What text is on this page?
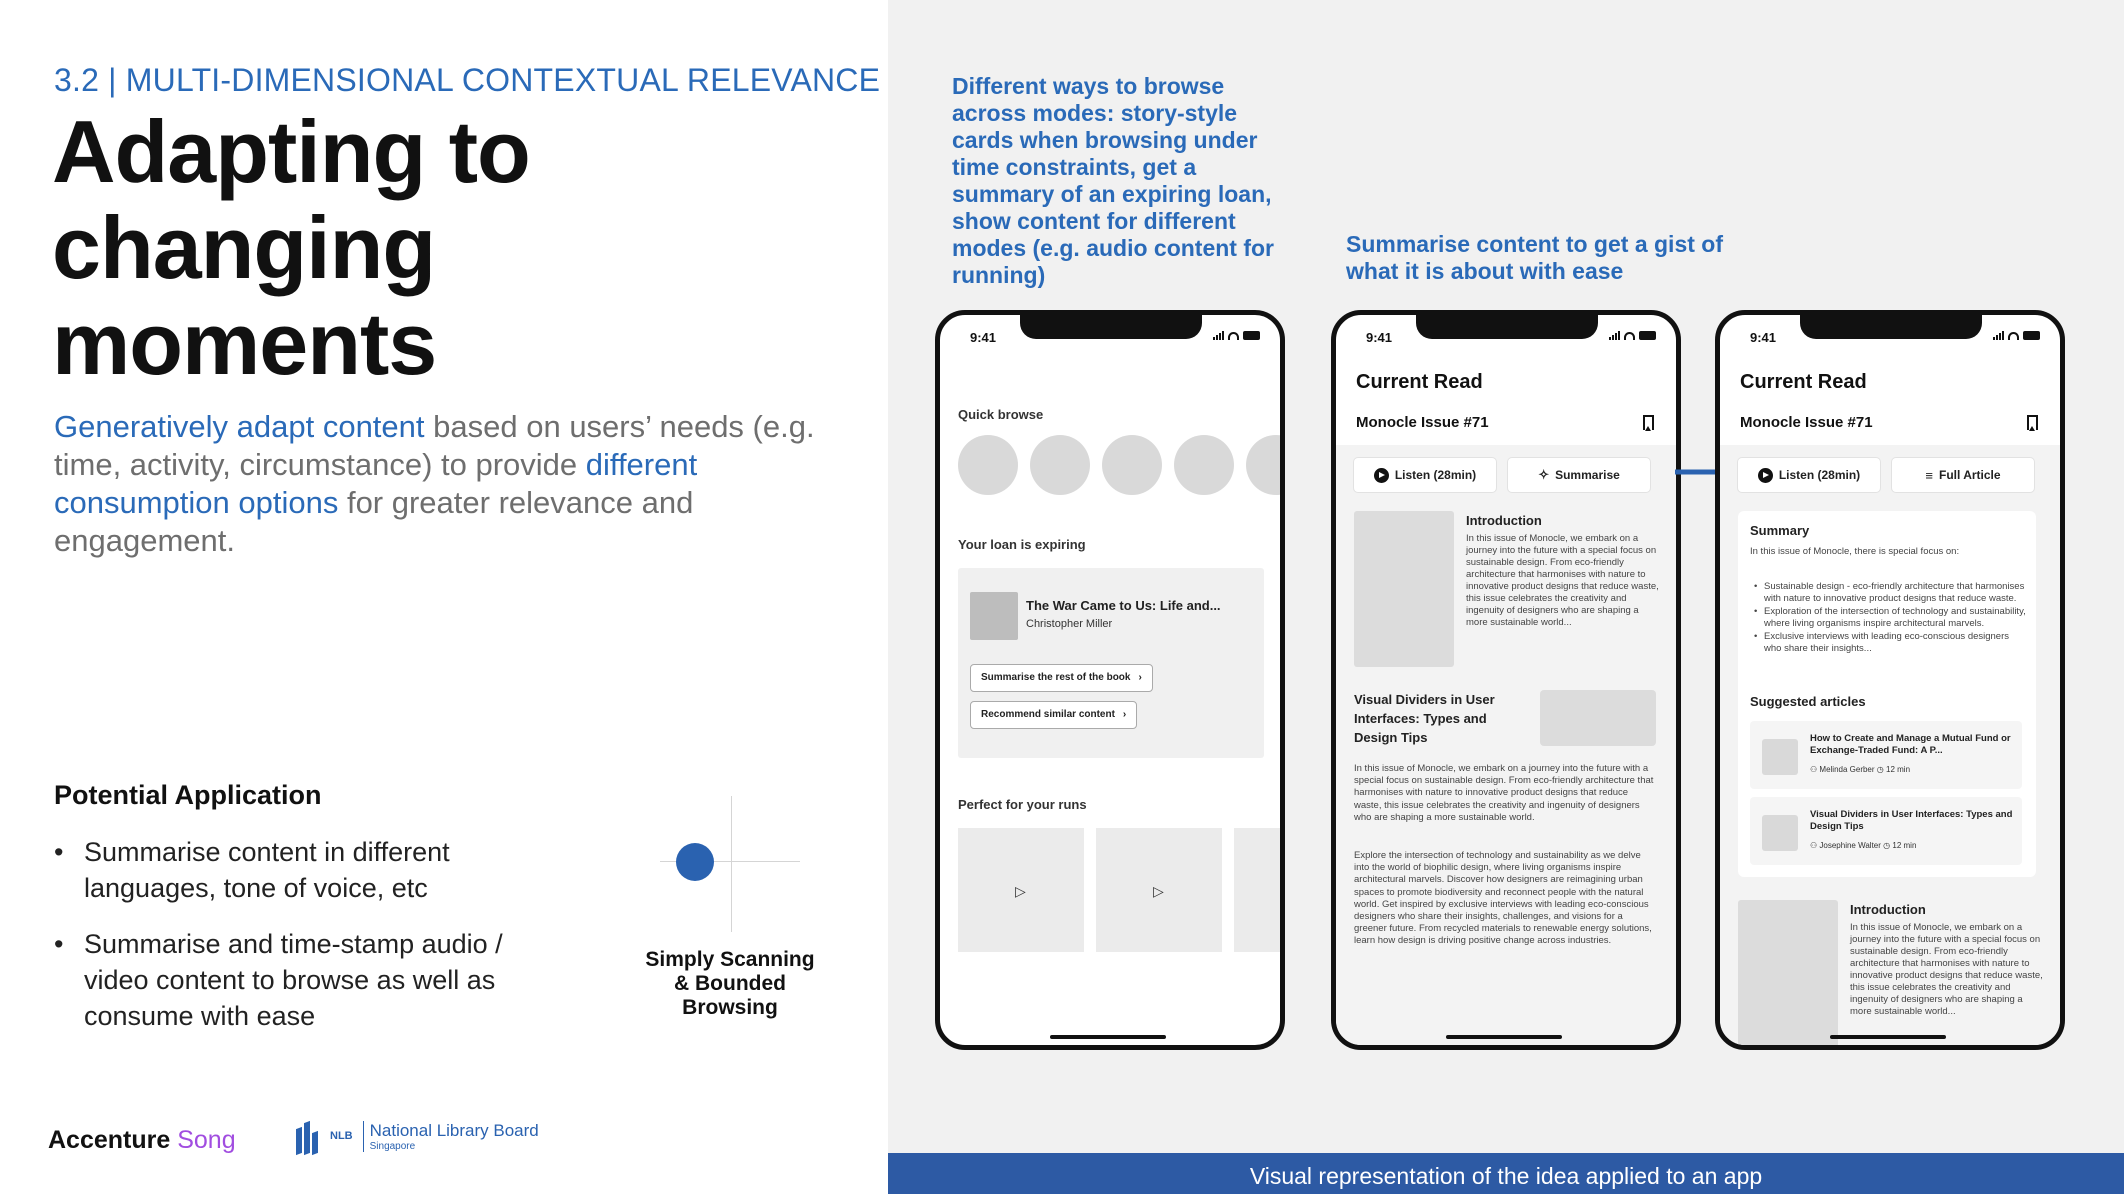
3.2 | MULTI-DIMENSIONAL CONTEXTUAL RELEVANCE
Adapting to
changing
moments

Generatively adapt content based on users’ needs (e.g. time, activity, circumstance) to provide different consumption options for greater relevance and engagement.

Potential Application
• Summarise content in different languages, tone of voice, etc
• Summarise and time-stamp audio / video content to browse as well as consume with ease
Simply Scanning & Bounded Browsing
Accenture Song	NLB National Library Board
Singapore
Different ways to browse across modes: story-style cards when browsing under time constraints, get a summary of an expiring loan, show content for different modes (e.g. audio content for running)
Summarise content to get a gist of what it is about with ease
9:41
Quick browse
Your loan is expiring
The War Came to Us: Life and...
Christopher Miller
Summarise the rest of the book ›
Recommend similar content ›
Perfect for your runs
▷	▷
9:41
Current Read
Monocle Issue #71
Listen (28min)	✧ Summarise
Introduction
In this issue of Monocle, we embark on a journey into the future with a special focus on sustainable design. From eco-friendly architecture that harmonises with nature to innovative product designs that reduce waste, this issue celebrates the creativity and ingenuity of designers who are shaping a more sustainable world...
Visual Dividers in User Interfaces: Types and Design Tips
In this issue of Monocle, we embark on a journey into the future with a special focus on sustainable design. From eco-friendly architecture that harmonises with nature to innovative product designs that reduce waste, this issue celebrates the creativity and ingenuity of designers who are shaping a more sustainable world.
Explore the intersection of technology and sustainability as we delve into the world of biophilic design, where living organisms inspire architectural marvels. Discover how designers are reimagining urban spaces to promote biodiversity and reconnect people with the natural world. Get inspired by exclusive interviews with leading eco-conscious designers who share their insights, challenges, and visions for a greener future. From recycled materials to renewable energy solutions, learn how design is driving positive change across industries.
9:41
Current Read
Monocle Issue #71
Listen (28min)	≡ Full Article
Summary
In this issue of Monocle, there is special focus on:
• Sustainable design - eco-friendly architecture that harmonises with nature to innovative product designs that reduce waste.
• Exploration of the intersection of technology and sustainability, where living organisms inspire architectural marvels.
• Exclusive interviews with leading eco-conscious designers who share their insights...
Suggested articles
How to Create and Manage a Mutual Fund or Exchange-Traded Fund: A P...
⚇ Melinda Gerber ◷ 12 min
Visual Dividers in User Interfaces: Types and Design Tips
⚇ Josephine Walter ◷ 12 min
Introduction
In this issue of Monocle, we embark on a journey into the future with a special focus on sustainable design. From eco-friendly architecture that harmonises with nature to innovative product designs that reduce waste, this issue celebrates the creativity and ingenuity of designers who are shaping a more sustainable world...
Visual representation of the idea applied to an app
